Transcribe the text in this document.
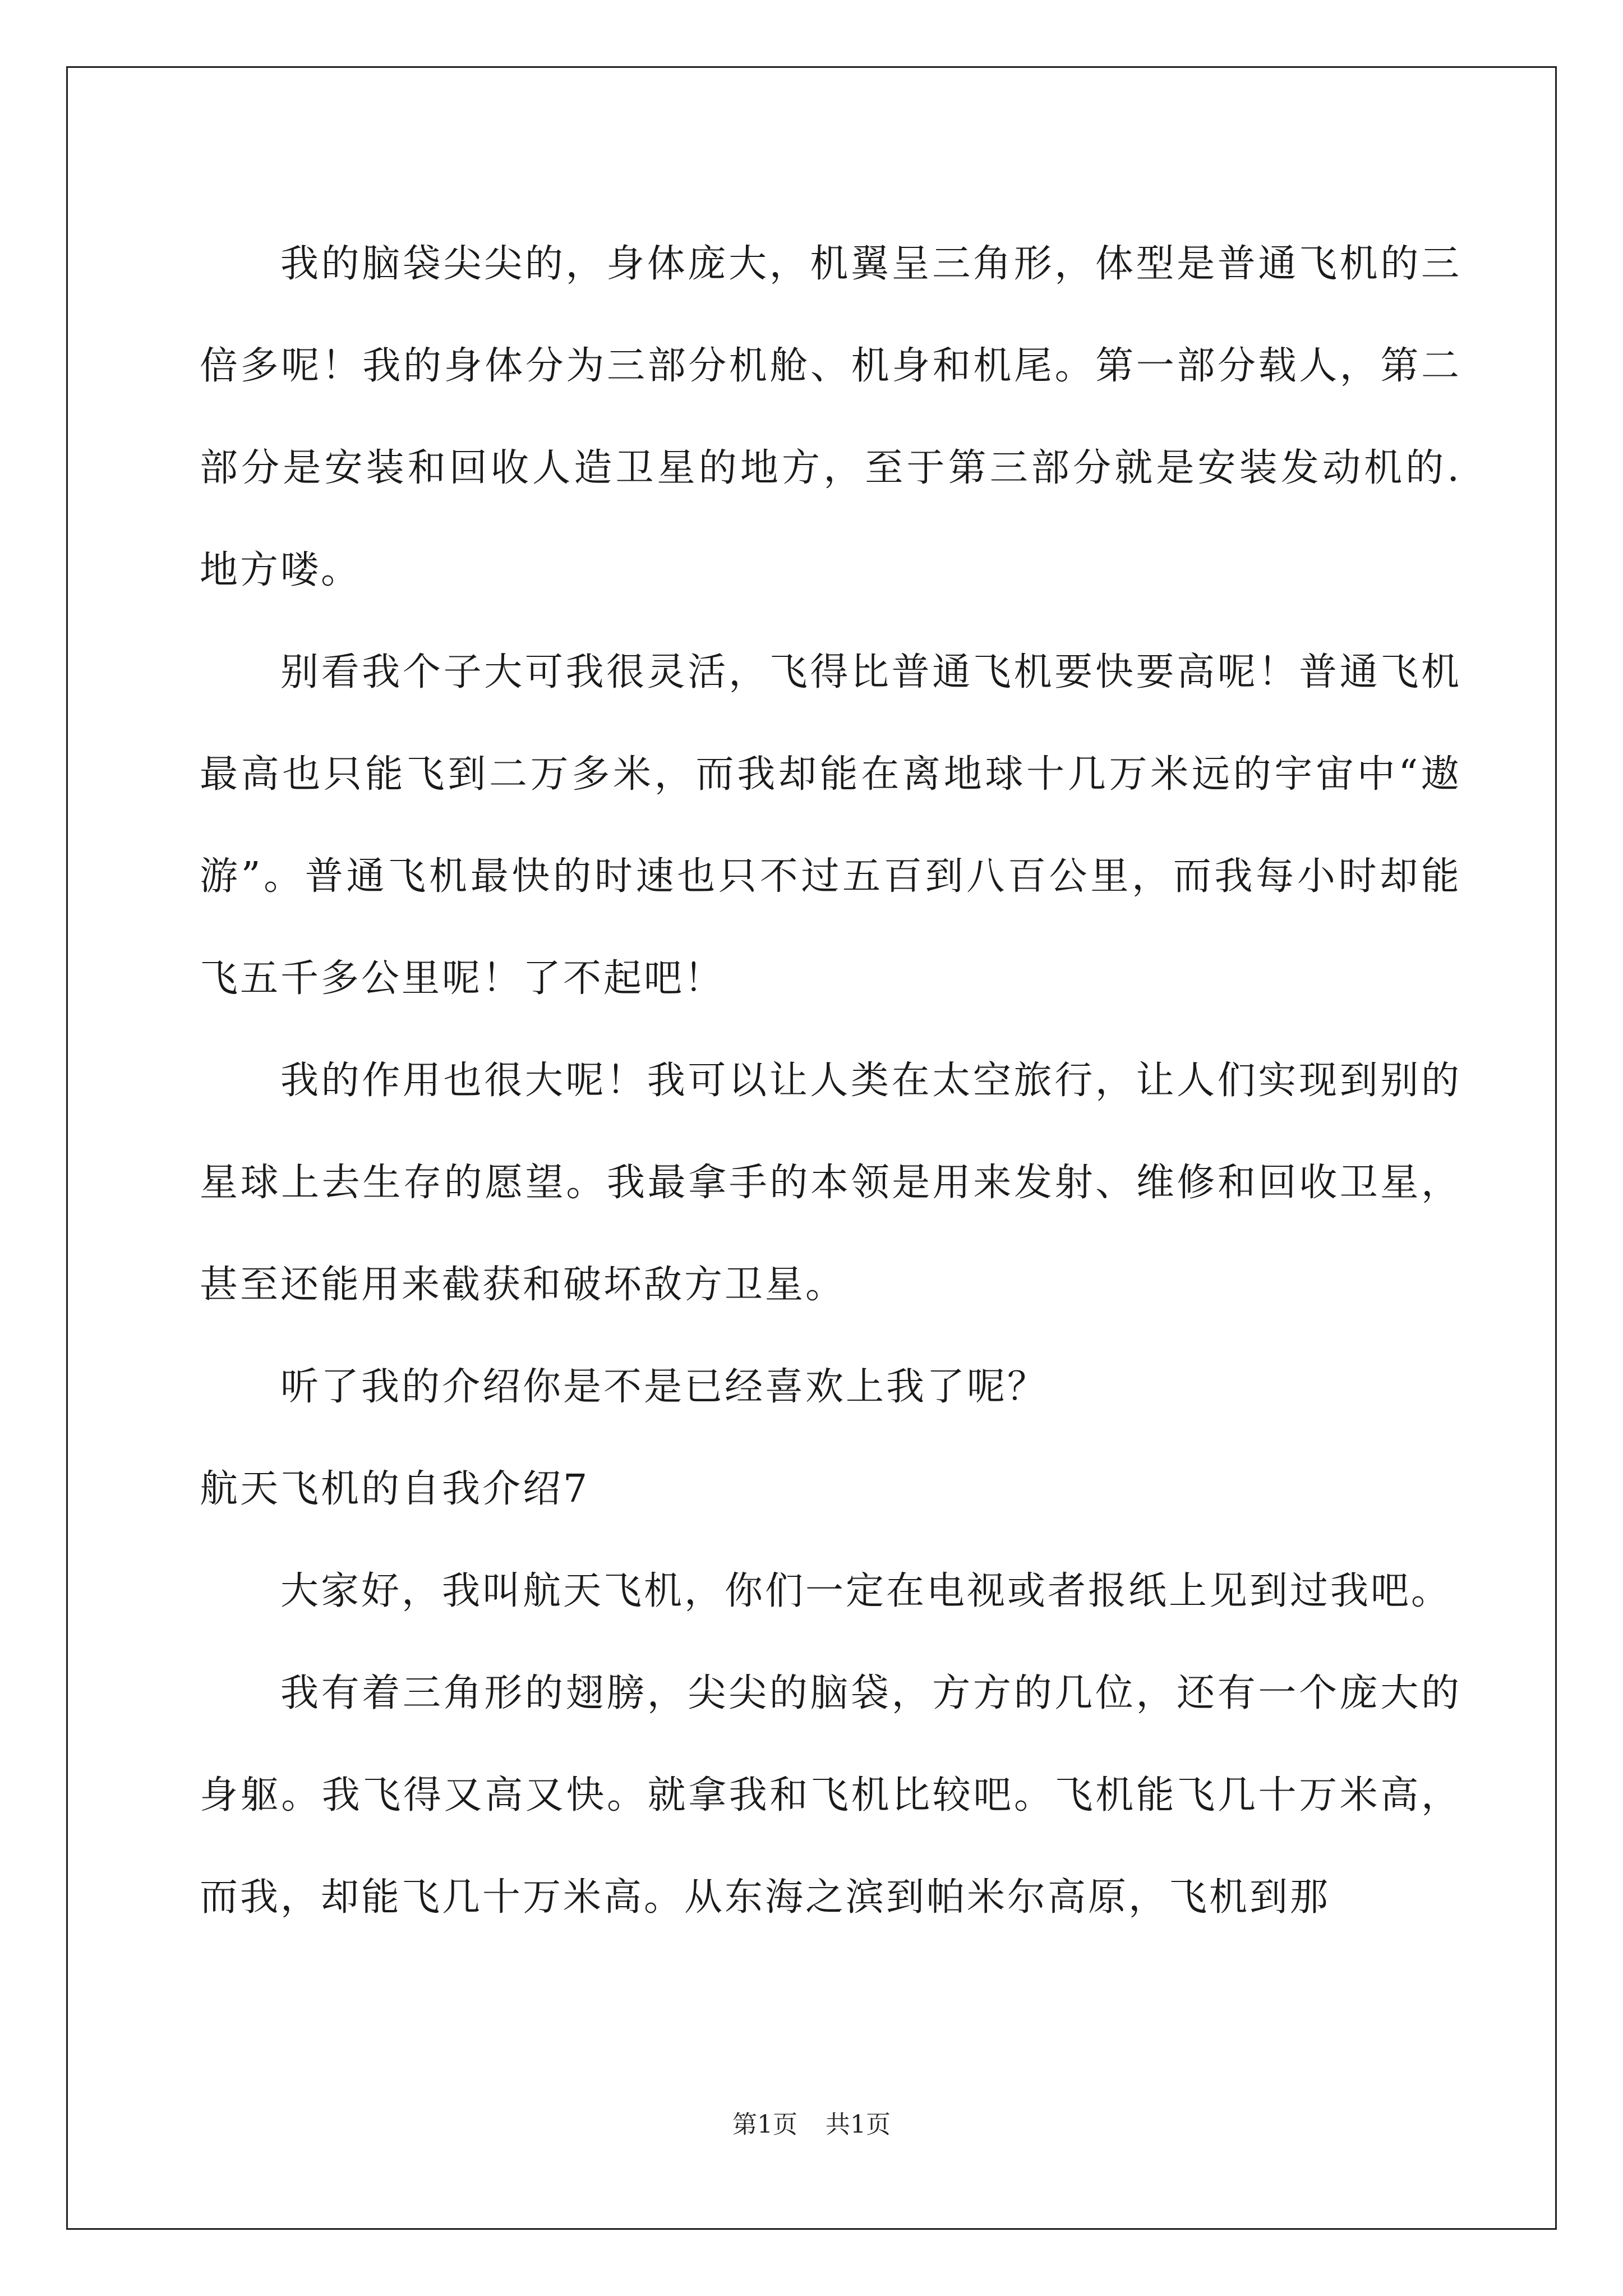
我的脑袋尖尖的，身体庞大，机翼呈三角形，体型是普通飞机的三倍多呢！我的身体分为三部分机舱、机身和机尾。第一部分载人，第二部分是安装和回收人造卫星的地方，至于第三部分就是安装发动机的.地方喽。

别看我个子大可我很灵活，飞得比普通飞机要快要高呢！普通飞机最高也只能飞到二万多米，而我却能在离地球十几万米远的宇宙中“遨游”。普通飞机最快的时速也只不过五百到八百公里，而我每小时却能飞五千多公里呢！了不起吧！

我的作用也很大呢！我可以让人类在太空旅行，让人们实现到别的星球上去生存的愿望。我最拿手的本领是用来发射、维修和回收卫星，甚至还能用来截获和破坏敌方卫星。

听了我的介绍你是不是已经喜欢上我了呢？

航天飞机的自我介绍7

大家好，我叫航天飞机，你们一定在电视或者报纸上见到过我吧。

我有着三角形的翅膀，尖尖的脑袋，方方的几位，还有一个庞大的身躯。我飞得又高又快。就拿我和飞机比较吧。飞机能飞几十万米高，而我，却能飞几十万米高。从东海之滨到帕米尔高原，飞机到那

第1页 共1页
